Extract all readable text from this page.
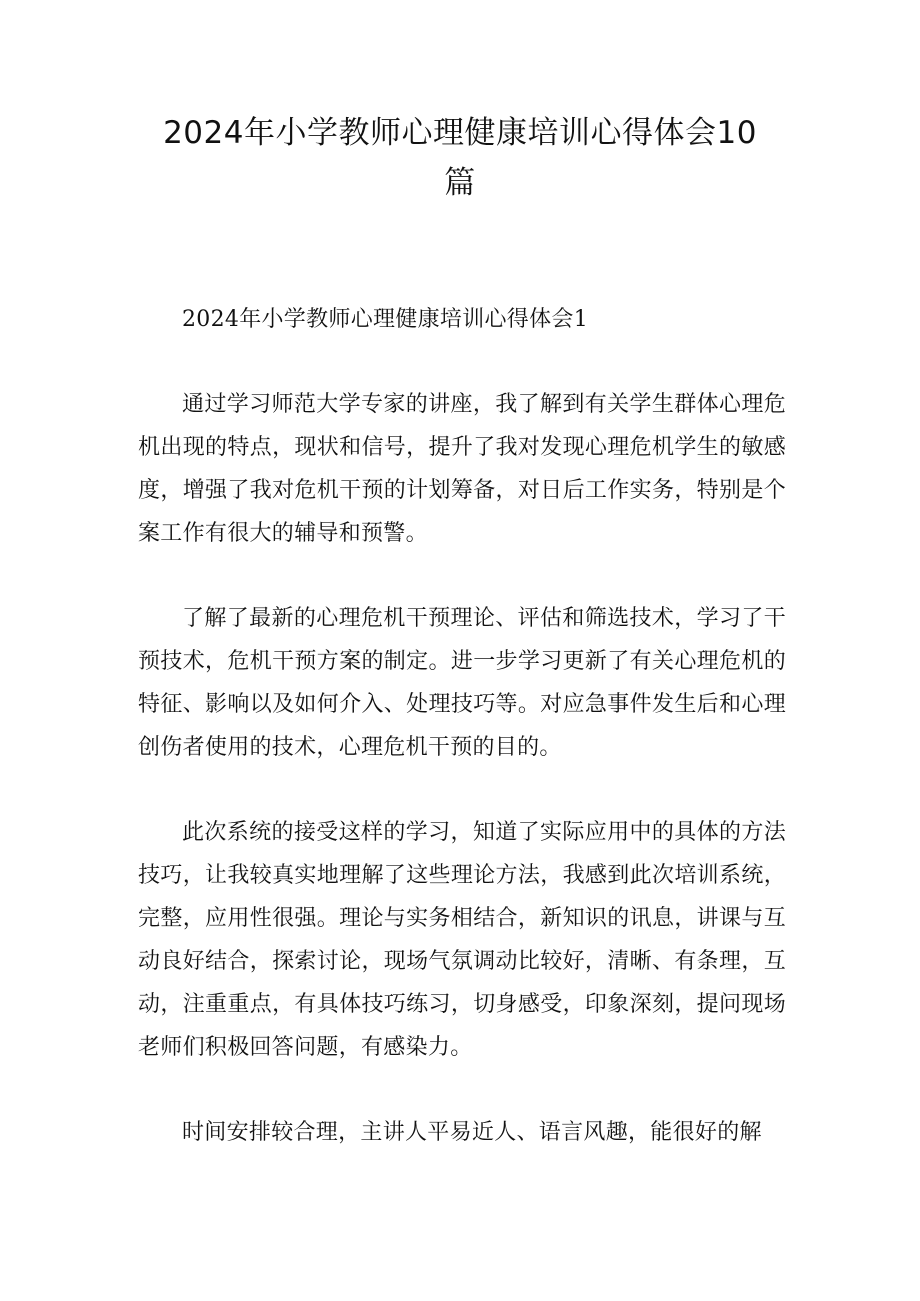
2024年小学教师心理健康培训心得体会10
篇

2024年小学教师心理健康培训心得体会1

通过学习师范大学专家的讲座，我了解到有关学生群体心理危机出现的特点，现状和信号，提升了我对发现心理危机学生的敏感度，增强了我对危机干预的计划筹备，对日后工作实务，特别是个案工作有很大的辅导和预警。

了解了最新的心理危机干预理论、评估和筛选技术，学习了干预技术，危机干预方案的制定。进一步学习更新了有关心理危机的特征、影响以及如何介入、处理技巧等。对应急事件发生后和心理创伤者使用的技术，心理危机干预的目的。

此次系统的接受这样的学习，知道了实际应用中的具体的方法技巧，让我较真实地理解了这些理论方法，我感到此次培训系统，完整，应用性很强。理论与实务相结合，新知识的讯息，讲课与互动良好结合，探索讨论，现场气氛调动比较好，清晰、有条理，互动，注重重点，有具体技巧练习，切身感受，印象深刻，提问现场老师们积极回答问题，有感染力。

时间安排较合理，主讲人平易近人、语言风趣，能很好的解
